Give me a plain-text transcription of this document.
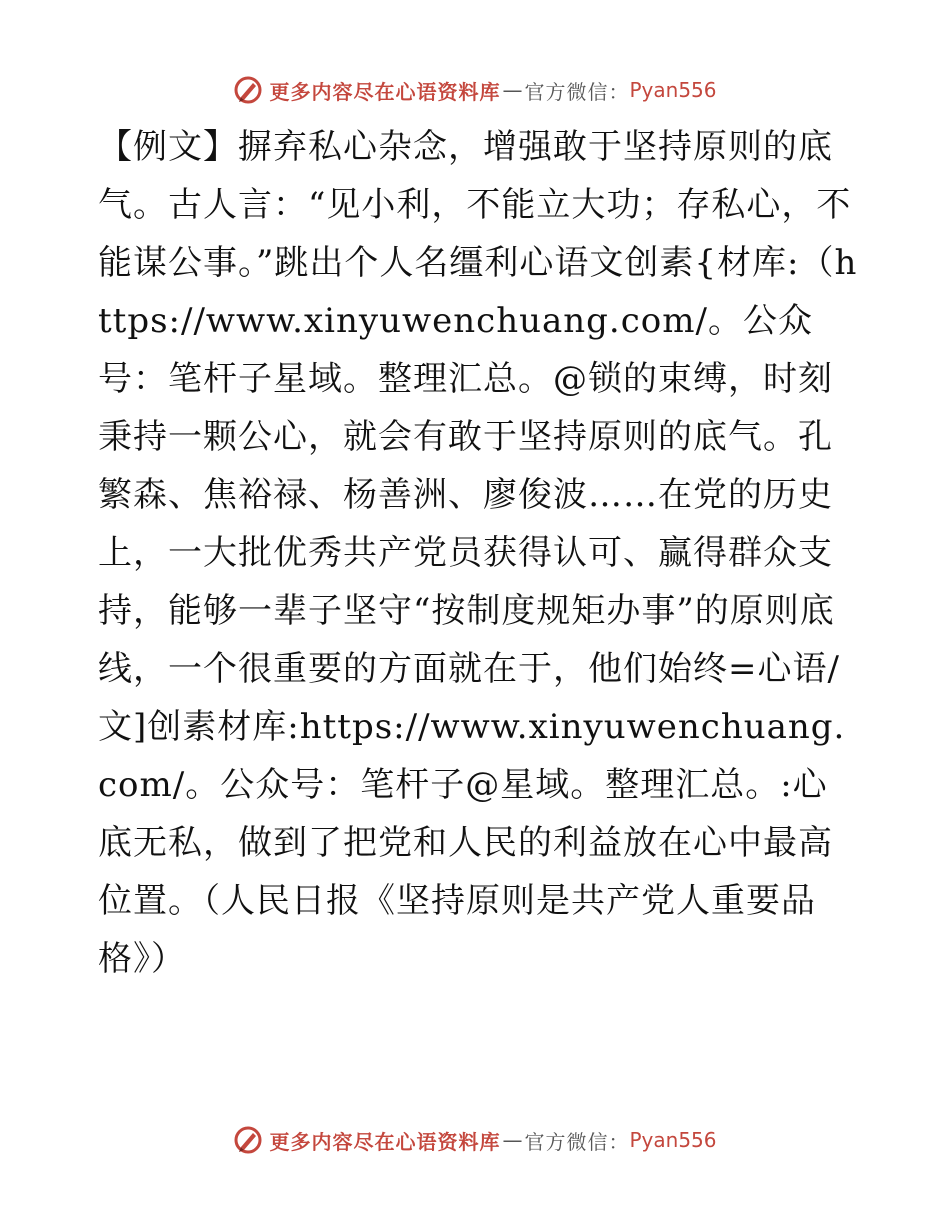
更多内容尽在心语资料库 — 官方微信： Pyan556

【例文】摒弃私心杂念，增强敢于坚持原则的底气。古人言：“见小利，不能立大功；存私心，不能谋公事。”跳出个人名缰利心语文创素{材库:（https://www.xinyuwenchuang.com/。公众号：笔杆子星域。整理汇总。@锁的束缚，时刻秉持一颗公心，就会有敢于坚持原则的底气。孔繁森、焦裕禄、杨善洲、廖俊波……在党的历史上，一大批优秀共产党员获得认可、赢得群众支持，能够一辈子坚守“按制度规矩办事”的原则底线，一个很重要的方面就在于，他们始终=心语/文]创素材库:https://www.xinyuwenchuang.com/。公众号：笔杆子@星域。整理汇总。:心底无私，做到了把党和人民的利益放在心中最高位置。（人民日报《坚持原则是共产党人重要品格》）

更多内容尽在心语资料库 — 官方微信： Pyan556
